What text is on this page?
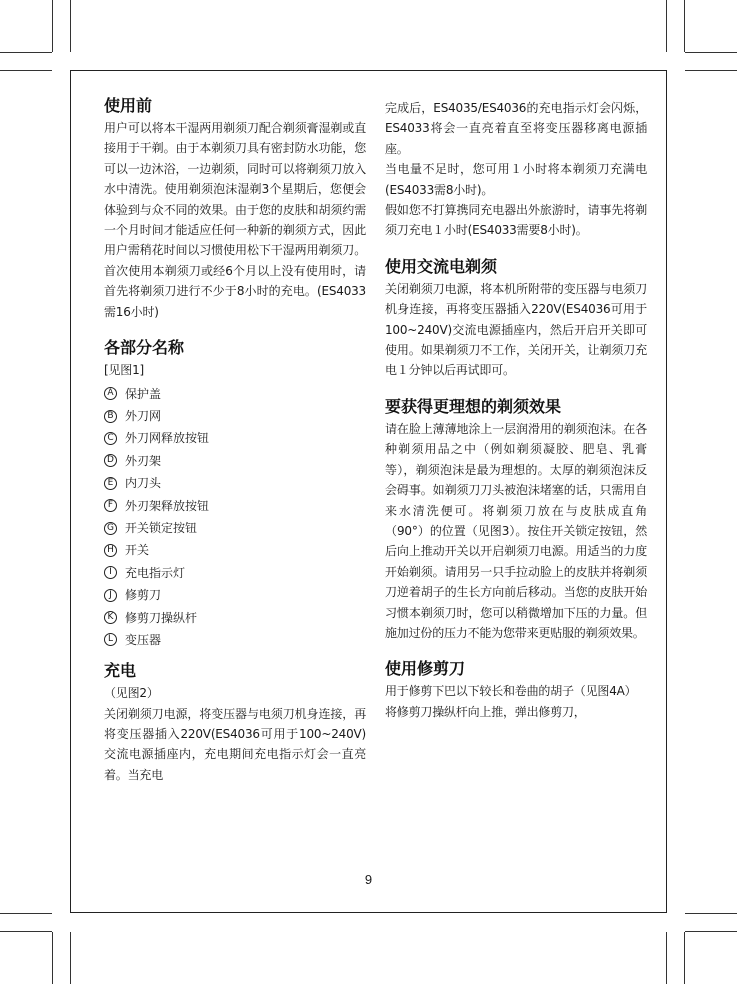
使用前

用户可以将本干湿两用剃须刀配合剃须膏湿剃或直接用于干剃。由于本剃须刀具有密封防水功能，您可以一边沐浴，一边剃须，同时可以将剃须刀放入水中清洗。使用剃须泡沫湿剃3个星期后，您便会体验到与众不同的效果。由于您的皮肤和胡须约需一个月时间才能适应任何一种新的剃须方式，因此用户需稍花时间以习惯使用松下干湿两用剃须刀。首次使用本剃须刀或经6个月以上没有使用时，请首先将剃须刀进行不少于8小时的充电。(ES4033需16小时)

各部分名称

[见图1]

A 保护盖
B 外刀网
C 外刀网释放按钮
D 外刃架
E 内刀头
F 外刃架释放按钮
G 开关锁定按钮
H 开关
I	充电指示灯
J	修剪刀
K 修剪刀操纵杆
L	变压器
充电

（见图2）

关闭剃须刀电源，将变压器与电须刀机身连接，再将变压器插入220V(ES4036可用于100~240V)交流电源插座内，充电期间充电指示灯会一直亮着。当充电

完成后，ES4035/ES4036的充电指示灯会闪烁，ES4033将会一直亮着直至将变压器移离电源插座。

当电量不足时，您可用１小时将本剃须刀充满电(ES4033需8小时)。

假如您不打算携同充电器出外旅游时，请事先将剃须刀充电１小时(ES4033需要8小时)。

使用交流电剃须

关闭剃须刀电源，将本机所附带的变压器与电须刀机身连接，再将变压器插入220V(ES4036可用于100~240V)交流电源插座内，然后开启开关即可使用。如果剃须刀不工作，关闭开关，让剃须刀充电１分钟以后再试即可。

要获得更理想的剃须效果

请在脸上薄薄地涂上一层润滑用的剃须泡沫。在各种剃须用品之中（例如剃须凝胶、肥皂、乳膏等），剃须泡沫是最为理想的。太厚的剃须泡沫反会碍事。如剃须刀刀头被泡沫堵塞的话，只需用自来水清洗便可。将剃须刀放在与皮肤成直角（90°）的位置（见图3）。按住开关锁定按钮，然后向上推动开关以开启剃须刀电源。用适当的力度开始剃须。请用另一只手拉动脸上的皮肤并将剃须刀逆着胡子的生长方向前后移动。当您的皮肤开始习惯本剃须刀时，您可以稍微增加下压的力量。但施加过份的压力不能为您带来更贴服的剃须效果。

使用修剪刀

用于修剪下巴以下较长和卷曲的胡子（见图4A）

将修剪刀操纵杆向上推，弹出修剪刀，

9
